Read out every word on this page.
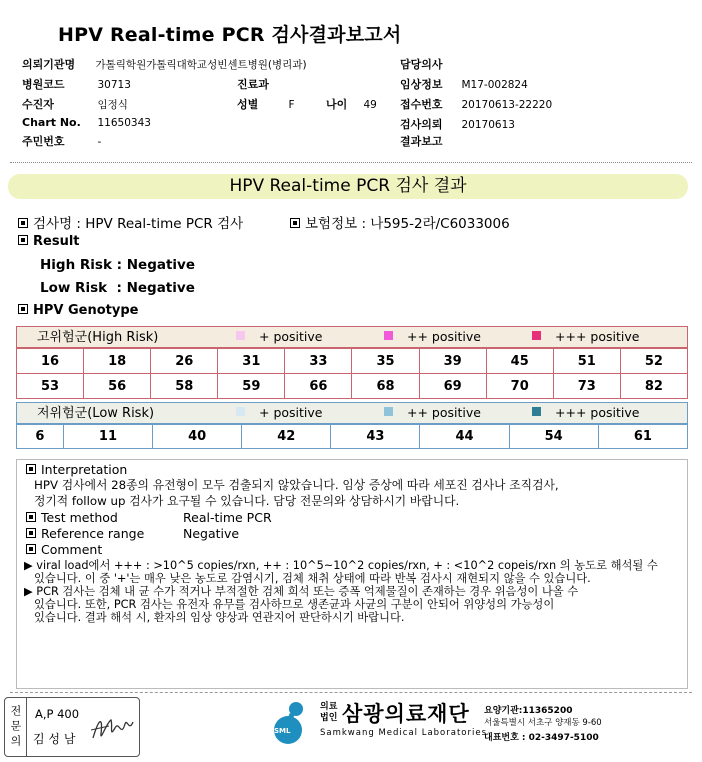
HPV Real-time PCR 검사결과보고서
의뢰기관명 가톨릭학원가톨릭대학교성빈센트병원(병리과)
병원코드	30713
수진자	임정식
Chart No. 11650343
주민번호	-
진료과
성별	F	나이 49
담당의사
임상정보 M17-002824
접수번호 20170613-22220
검사의뢰 20170613
결과보고
HPV Real-time PCR 검사 결과
검사명 : HPV Real-time PCR 검사	보험정보 : 나595-2라/C6033006
Result
High Risk : Negative
Low Risk  : Negative
HPV Genotype
고위험군(High Risk)	+ positive	++ positive	+++ positive
16	18	26	31	33	35	39	45	51	52
53	56	58	59	66	68	69	70	73	82
저위험군(Low Risk)	+ positive	++ positive	+++ positive
6	11	40	42	43	44	54	61
Interpretation
HPV 검사에서 28종의 유전형이 모두 검출되지 않았습니다. 임상 증상에 따라 세포진 검사나 조직검사,
정기적 follow up 검사가 요구될 수 있습니다. 담당 전문의와 상담하시기 바랍니다.
Test method	Real-time PCR
Reference range	Negative
Comment
▶ viral load에서 +++ : >10^5 copies/rxn, ++ : 10^5~10^2 copies/rxn, + : <10^2 copeis/rxn 의 농도로 해석될 수
있습니다. 이 중 '+'는 매우 낮은 농도로 감염시기, 검체 채취 상태에 따라 반복 검사시 재현되지 않을 수 있습니다.
▶ PCR 검사는 검체 내 균 수가 적거나 부적절한 검체 희석 또는 증폭 억제물질이 존재하는 경우 위음성이 나올 수
있습니다. 또한, PCR 검사는 유전자 유무를 검사하므로 생존균과 사균의 구분이 안되어 위양성의 가능성이
있습니다. 결과 해석 시, 환자의 임상 양상과 연관지어 판단하시기 바랍니다.
전문의	A,P 400
김 성 남
SML
의료
법인 삼광의료재단
Samkwang Medical Laboratories
요양기관:11365200
서울특별시 서초구 양재동 9-60
대표번호 : 02-3497-5100
